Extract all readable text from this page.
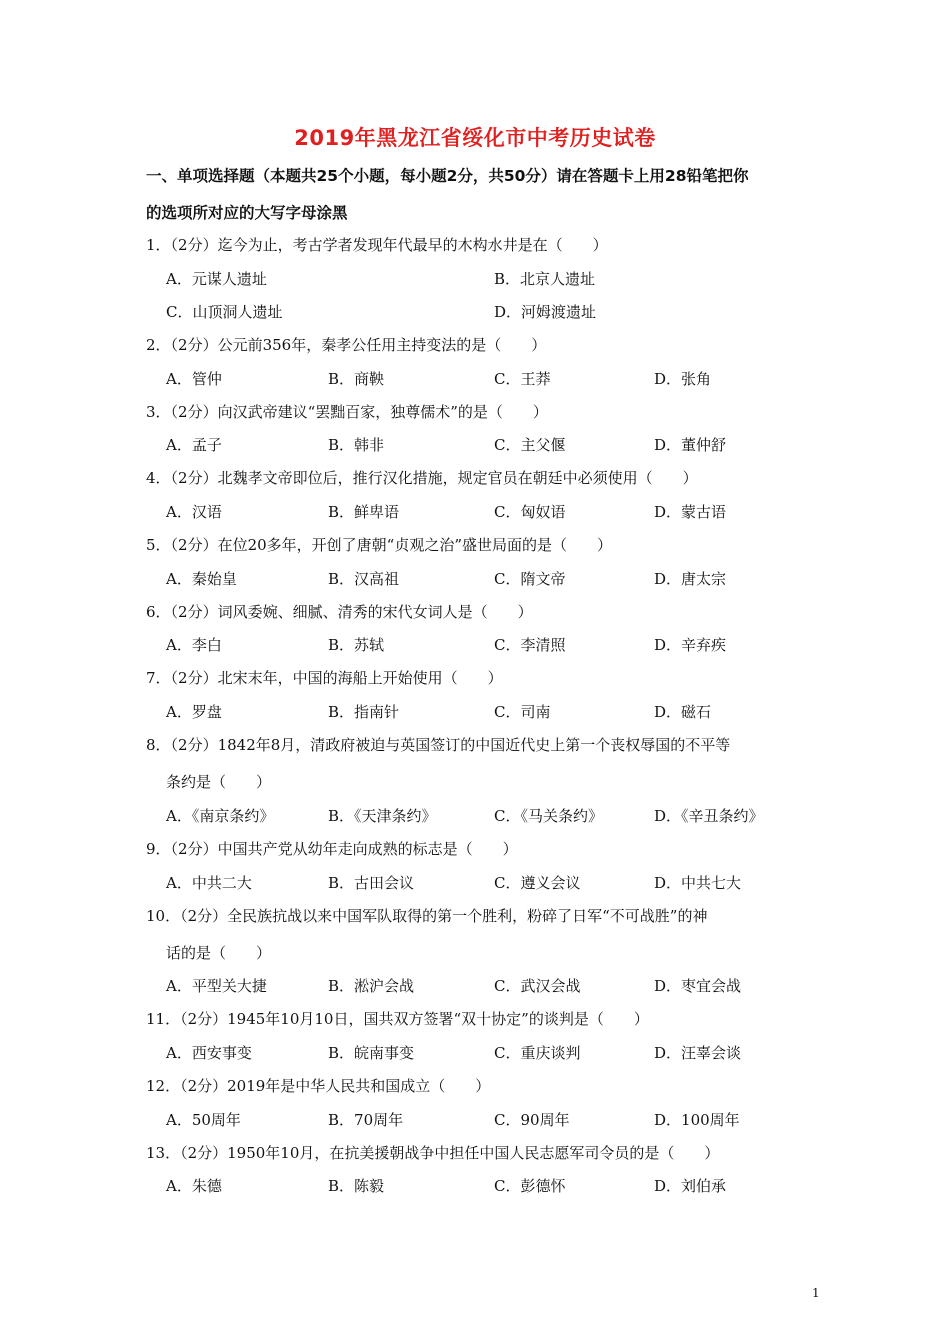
2019年黑龙江省绥化市中考历史试卷
一、单项选择题（本题共25个小题，每小题2分，共50分）请在答题卡上用28铅笔把你
的选项所对应的大写字母涂黑
1．（2分）迄今为止，考古学者发现年代最早的木构水井是在（　　）
A．元谋人遗址	B．北京人遗址
C．山顶洞人遗址	D．河姆渡遗址
2．（2分）公元前356年，秦孝公任用主持变法的是（　　）
A．管仲	B．商鞅	C．王莽	D．张角
3．（2分）向汉武帝建议“罢黜百家，独尊儒术”的是（　　）
A．孟子	B．韩非	C．主父偃	D．董仲舒
4．（2分）北魏孝文帝即位后，推行汉化措施，规定官员在朝廷中必须使用（　　）
A．汉语	B．鲜卑语	C．匈奴语	D．蒙古语
5．（2分）在位20多年，开创了唐朝“贞观之治”盛世局面的是（　　）
A．秦始皇	B．汉高祖	C．隋文帝	D．唐太宗
6．（2分）词风委婉、细腻、清秀的宋代女词人是（　　）
A．李白	B．苏轼	C．李清照	D．辛弃疾
7．（2分）北宋末年，中国的海船上开始使用（　　）
A．罗盘	B．指南针	C．司南	D．磁石
8．（2分）1842年8月，清政府被迫与英国签订的中国近代史上第一个丧权辱国的不平等
条约是（　　）
A．《南京条约》	B．《天津条约》	C．《马关条约》	D．《辛丑条约》
9．（2分）中国共产党从幼年走向成熟的标志是（　　）
A．中共二大	B．古田会议	C．遵义会议	D．中共七大
10．（2分）全民族抗战以来中国军队取得的第一个胜利，粉碎了日军“不可战胜”的神
话的是（　　）
A．平型关大捷	B．淞沪会战	C．武汉会战	D．枣宜会战
11．（2分）1945年10月10日，国共双方签署“双十协定”的谈判是（　　）
A．西安事变	B．皖南事变	C．重庆谈判	D．汪辜会谈
12．（2分）2019年是中华人民共和国成立（　　）
A．50周年	B．70周年	C．90周年	D．100周年
13．（2分）1950年10月，在抗美援朝战争中担任中国人民志愿军司令员的是（　　）
A．朱德	B．陈毅	C．彭德怀	D．刘伯承
1
